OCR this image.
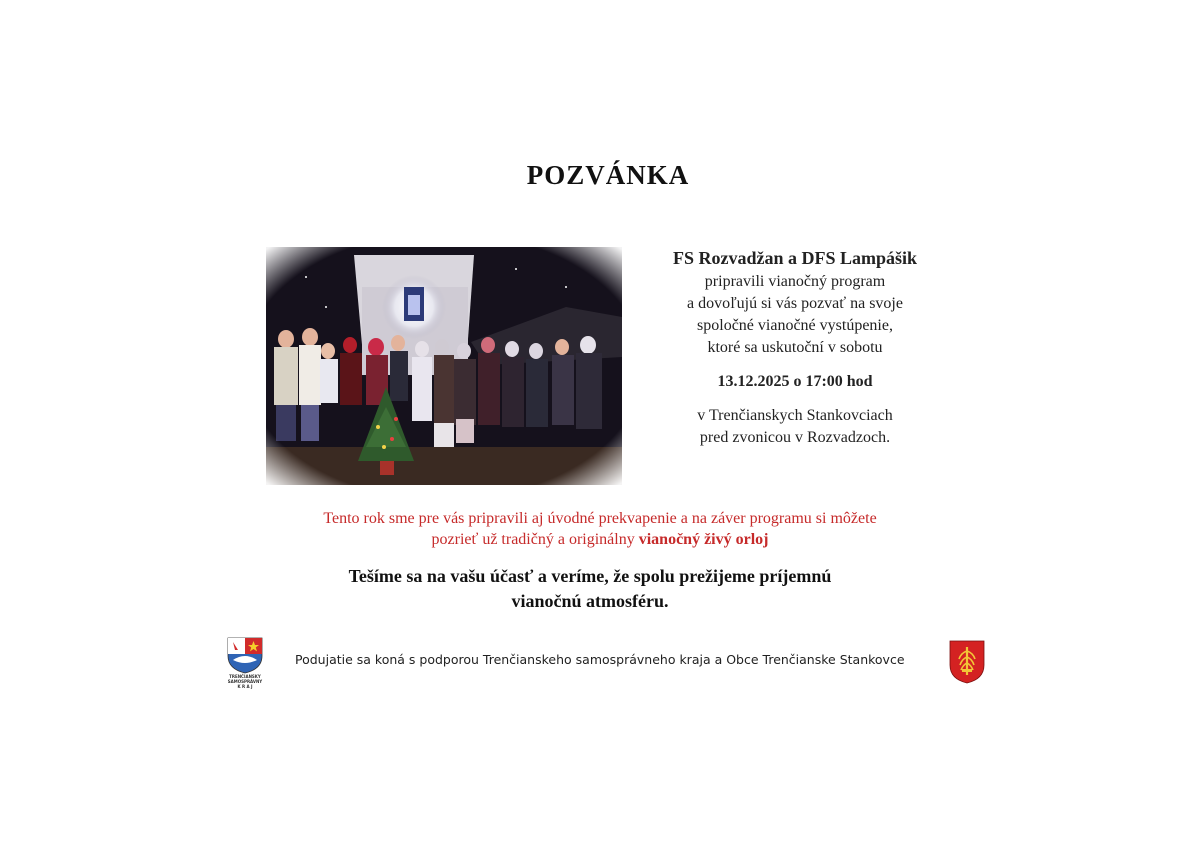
POZVÁNKA
FS Rozvadžan a DFS Lampášik
pripravili vianočný program
a dovoľujú si vás pozvať na svoje
spoločné vianočné vystúpenie,
ktoré sa uskutoční v sobotu
13.12.2025 o 17:00 hod
v Trenčianskych Stankovciach
pred zvonicou v Rozvadzoch.
Tento rok sme pre vás pripravili aj úvodné prekvapenie a na záver programu si môžete
pozrieť už tradičný a originálny vianočný živý orloj
Tešíme sa na vašu účasť a veríme, že spolu prežijeme príjemnú
vianočnú atmosféru.
TRENČIANSKY
SAMOSPRÁVNY
K R A J
Podujatie sa koná s podporou Trenčianskeho samosprávneho kraja a Obce Trenčianske Stankovce
